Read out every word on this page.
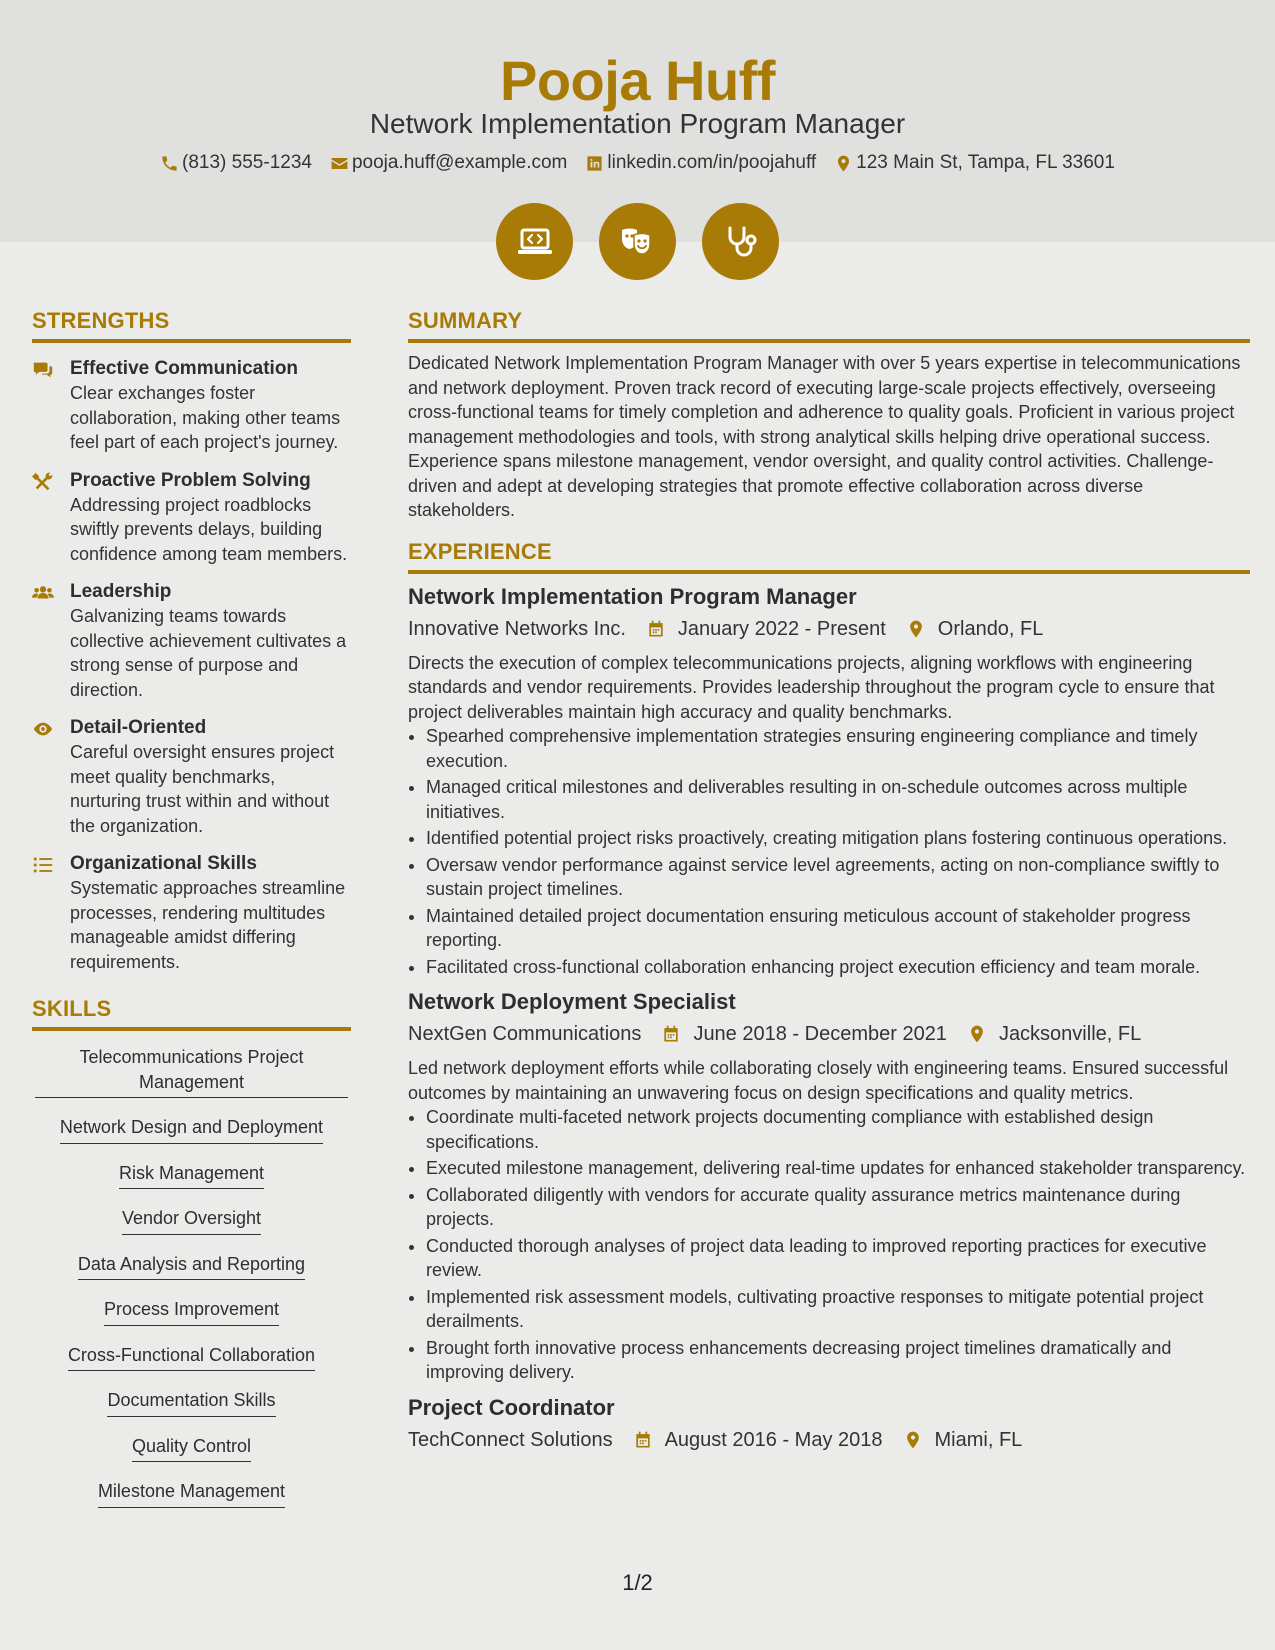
Pooja Huff
Network Implementation Program Manager
(813) 555-1234 pooja.huff@example.com linkedin.com/in/poojahuff 123 Main St, Tampa, FL 33601
STRENGTHS
Effective Communication
Clear exchanges foster collaboration, making other teams feel part of each project's journey.
Proactive Problem Solving
Addressing project roadblocks swiftly prevents delays, building confidence among team members.
Leadership
Galvanizing teams towards collective achievement cultivates a strong sense of purpose and direction.
Detail-Oriented
Careful oversight ensures project meet quality benchmarks, nurturing trust within and without the organization.
Organizational Skills
Systematic approaches streamline processes, rendering multitudes manageable amidst differing requirements.
SKILLS
Telecommunications Project Management
Network Design and Deployment
Risk Management
Vendor Oversight
Data Analysis and Reporting
Process Improvement
Cross-Functional Collaboration
Documentation Skills
Quality Control
Milestone Management
SUMMARY
Dedicated Network Implementation Program Manager with over 5 years expertise in telecommunications and network deployment. Proven track record of executing large-scale projects effectively, overseeing cross-functional teams for timely completion and adherence to quality goals. Proficient in various project management methodologies and tools, with strong analytical skills helping drive operational success. Experience spans milestone management, vendor oversight, and quality control activities. Challenge-driven and adept at developing strategies that promote effective collaboration across diverse stakeholders.
EXPERIENCE
Network Implementation Program Manager
Innovative Networks Inc.	January 2022 - Present	Orlando, FL
Directs the execution of complex telecommunications projects, aligning workflows with engineering standards and vendor requirements. Provides leadership throughout the program cycle to ensure that project deliverables maintain high accuracy and quality benchmarks.
• Spearhed comprehensive implementation strategies ensuring engineering compliance and timely execution.
• Managed critical milestones and deliverables resulting in on-schedule outcomes across multiple initiatives.
• Identified potential project risks proactively, creating mitigation plans fostering continuous operations.
• Oversaw vendor performance against service level agreements, acting on non-compliance swiftly to sustain project timelines.
• Maintained detailed project documentation ensuring meticulous account of stakeholder progress reporting.
• Facilitated cross-functional collaboration enhancing project execution efficiency and team morale.
Network Deployment Specialist
NextGen Communications	June 2018 - December 2021	Jacksonville, FL
Led network deployment efforts while collaborating closely with engineering teams. Ensured successful outcomes by maintaining an unwavering focus on design specifications and quality metrics.
• Coordinate multi-faceted network projects documenting compliance with established design specifications.
• Executed milestone management, delivering real-time updates for enhanced stakeholder transparency.
• Collaborated diligently with vendors for accurate quality assurance metrics maintenance during projects.
• Conducted thorough analyses of project data leading to improved reporting practices for executive review.
• Implemented risk assessment models, cultivating proactive responses to mitigate potential project derailments.
• Brought forth innovative process enhancements decreasing project timelines dramatically and improving delivery.
Project Coordinator
TechConnect Solutions	August 2016 - May 2018	Miami, FL
1/2
